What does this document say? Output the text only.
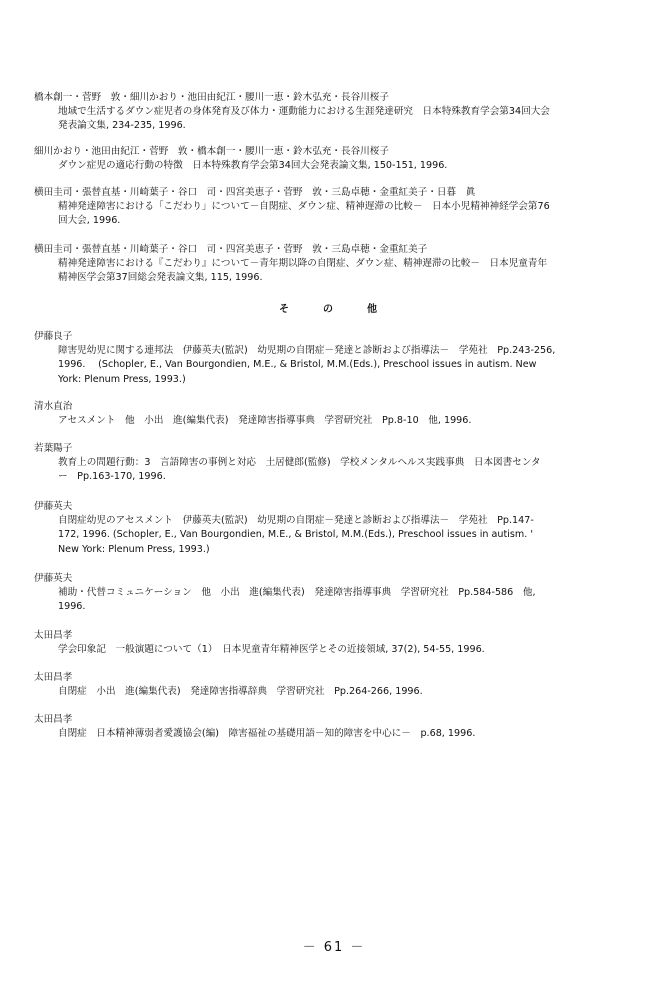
橋本創一・菅野　敦・細川かおり・池田由紀江・腰川一恵・鈴木弘充・長谷川桜子
地域で生活するダウン症児者の身体発育及び体力・運動能力における生涯発達研究　日本特殊教育学会第34回大会
発表論文集, 234-235, 1996.
細川かおり・池田由紀江・菅野　敦・橋本創一・腰川一恵・鈴木弘充・長谷川桜子
ダウン症児の適応行動の特徴　日本特殊教育学会第34回大会発表論文集, 150-151, 1996.
横田圭司・張替直基・川崎葉子・谷口　司・四宮美恵子・菅野　敦・三島卓穂・金重紅美子・日暮　眞
精神発達障害における「こだわり」について－自閉症、ダウン症、精神遅滞の比較－　日本小児精神神経学会第76
回大会, 1996.
横田圭司・張替直基・川崎葉子・谷口　司・四宮美恵子・菅野　敦・三島卓穂・金重紅美子
精神発達障害における『こだわり』について－青年期以降の自閉症、ダウン症、精神遅滞の比較－　日本児童青年
精神医学会第37回総会発表論文集, 115, 1996.
そ　の　他
伊藤良子
障害児幼児に関する連邦法　伊藤英夫(監訳)　幼児期の自閉症－発達と診断および指導法－　学苑社　Pp.243-256,
1996.　 (Schopler, E., Van Bourgondien, M.E., & Bristol, M.M.(Eds.), Preschool issues in autism. New
York: Plenum Press, 1993.)
清水直治
アセスメント　他　小出　進(編集代表)　発達障害指導事典　学習研究社　Pp.8-10　他, 1996.
若葉陽子
教育上の問題行動：3　言語障害の事例と対応　土居健郎(監修)　学校メンタルヘルス実践事典　日本図書センタ
ー　Pp.163-170, 1996.
伊藤英夫
自閉症幼児のアセスメント　伊藤英夫(監訳)　幼児期の自閉症－発達と診断および指導法－　学苑社　Pp.147-
172, 1996. (Schopler, E., Van Bourgondien, M.E., & Bristol, M.M.(Eds.), Preschool issues in autism. '
New York: Plenum Press, 1993.)
伊藤英夫
補助・代替コミュニケーション　他　小出　進(編集代表)　発達障害指導事典　学習研究社　Pp.584-586　他,
1996.
太田昌孝
学会印象記　一般演題について（1）　日本児童青年精神医学とその近接領域, 37(2), 54-55, 1996.
太田昌孝
自閉症　小出　進(編集代表)　発達障害指導辞典　学習研究社　Pp.264-266, 1996.
太田昌孝
自閉症　日本精神薄弱者愛護協会(編)　障害福祉の基礎用語－知的障害を中心に－　p.68, 1996.
－ 61 －
